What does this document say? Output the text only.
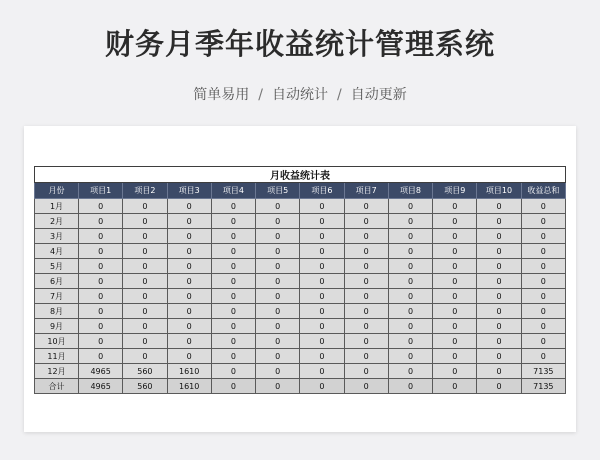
财务月季年收益统计管理系统
简单易用 / 自动统计 / 自动更新
月收益统计表											
月份	项目1	项目2	项目3	项目4	项目5	项目6	项目7	项目8	项目9	项目10	收益总和
1月	0	0	0	0	0	0	0	0	0	0	0
2月	0	0	0	0	0	0	0	0	0	0	0
3月	0	0	0	0	0	0	0	0	0	0	0
4月	0	0	0	0	0	0	0	0	0	0	0
5月	0	0	0	0	0	0	0	0	0	0	0
6月	0	0	0	0	0	0	0	0	0	0	0
7月	0	0	0	0	0	0	0	0	0	0	0
8月	0	0	0	0	0	0	0	0	0	0	0
9月	0	0	0	0	0	0	0	0	0	0	0
10月	0	0	0	0	0	0	0	0	0	0	0
11月	0	0	0	0	0	0	0	0	0	0	0
12月	4965	560	1610	0	0	0	0	0	0	0	7135
合计	4965	560	1610	0	0	0	0	0	0	0	7135
